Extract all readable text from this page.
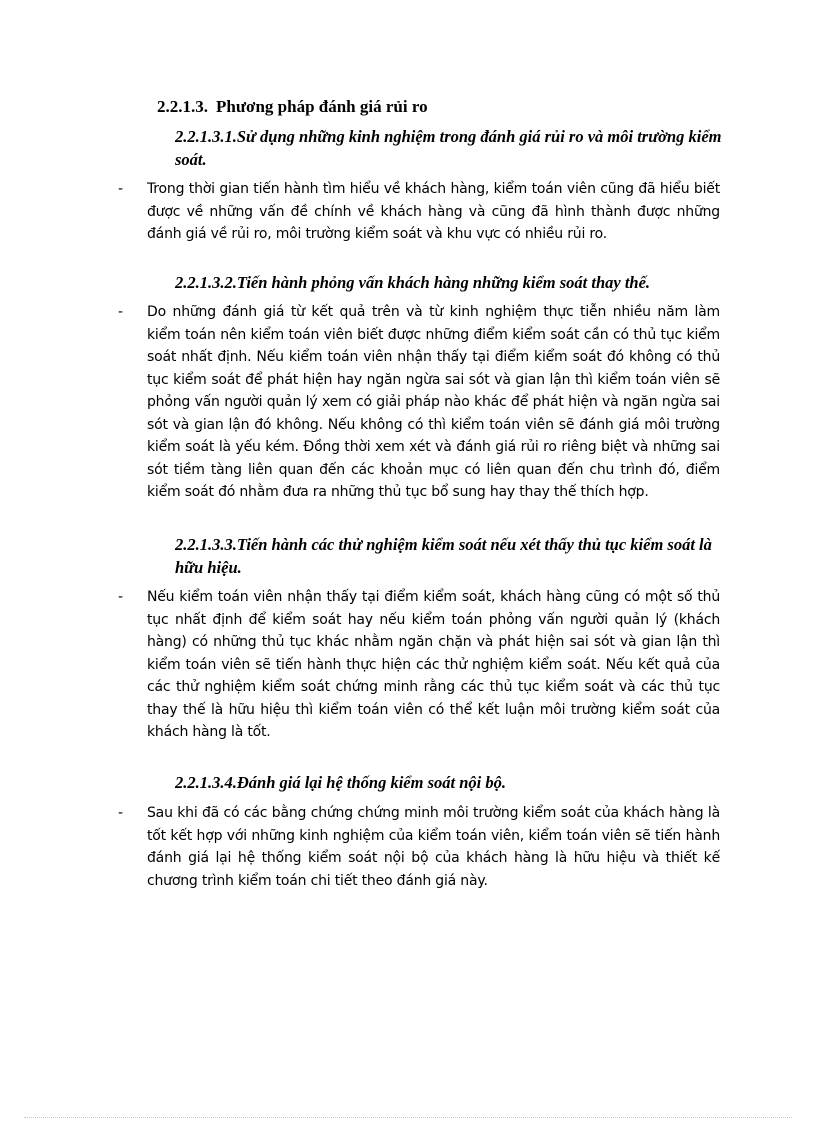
2.2.1.3. Phương pháp đánh giá rủi ro
2.2.1.3.1.Sử dụng những kinh nghiệm trong đánh giá rủi ro và môi trường kiểm soát.
- Trong thời gian tiến hành tìm hiểu về khách hàng, kiểm toán viên cũng đã hiểu biết được về những vấn đề chính về khách hàng và cũng đã hình thành được những đánh giá về rủi ro, môi trường kiểm soát và khu vực có nhiều rủi ro.

2.2.1.3.2.Tiến hành phỏng vấn khách hàng những kiểm soát thay thế.
- Do những đánh giá từ kết quả trên và từ kinh nghiệm thực tiễn nhiều năm làm kiểm toán nên kiểm toán viên biết được những điểm kiểm soát cần có thủ tục kiểm soát nhất định. Nếu kiểm toán viên nhận thấy tại điểm kiểm soát đó không có thủ tục kiểm soát để phát hiện hay ngăn ngừa sai sót và gian lận thì kiểm toán viên sẽ phỏng vấn người quản lý xem có giải pháp nào khác để phát hiện và ngăn ngừa sai sót và gian lận đó không. Nếu không có thì kiểm toán viên sẽ đánh giá môi trường kiểm soát là yếu kém. Đồng thời xem xét và đánh giá rủi ro riêng biệt và những sai sót tiềm tàng liên quan đến các khoản mục có liên quan đến chu trình đó, điểm kiểm soát đó nhằm đưa ra những thủ tục bổ sung hay thay thế thích hợp.

2.2.1.3.3.Tiến hành các thử nghiệm kiểm soát nếu xét thấy thủ tục kiểm soát là hữu hiệu.
- Nếu kiểm toán viên nhận thấy tại điểm kiểm soát, khách hàng cũng có một số thủ tục nhất định để kiểm soát hay nếu kiểm toán phỏng vấn người quản lý (khách hàng) có những thủ tục khác nhằm ngăn chặn và phát hiện sai sót và gian lận thì kiểm toán viên sẽ tiến hành thực hiện các thử nghiệm kiểm soát. Nếu kết quả của các thử nghiệm kiểm soát chứng minh rằng các thủ tục kiểm soát và các thủ tục thay thế là hữu hiệu thì kiểm toán viên có thể kết luận môi trường kiểm soát của khách hàng là tốt.

2.2.1.3.4.Đánh giá lại hệ thống kiểm soát nội bộ.
- Sau khi đã có các bằng chứng chứng minh môi trường kiểm soát của khách hàng là tốt kết hợp với những kinh nghiệm của kiểm toán viên, kiểm toán viên sẽ tiến hành đánh giá lại hệ thống kiểm soát nội bộ của khách hàng là hữu hiệu và thiết kế chương trình kiểm toán chi tiết theo đánh giá này.
